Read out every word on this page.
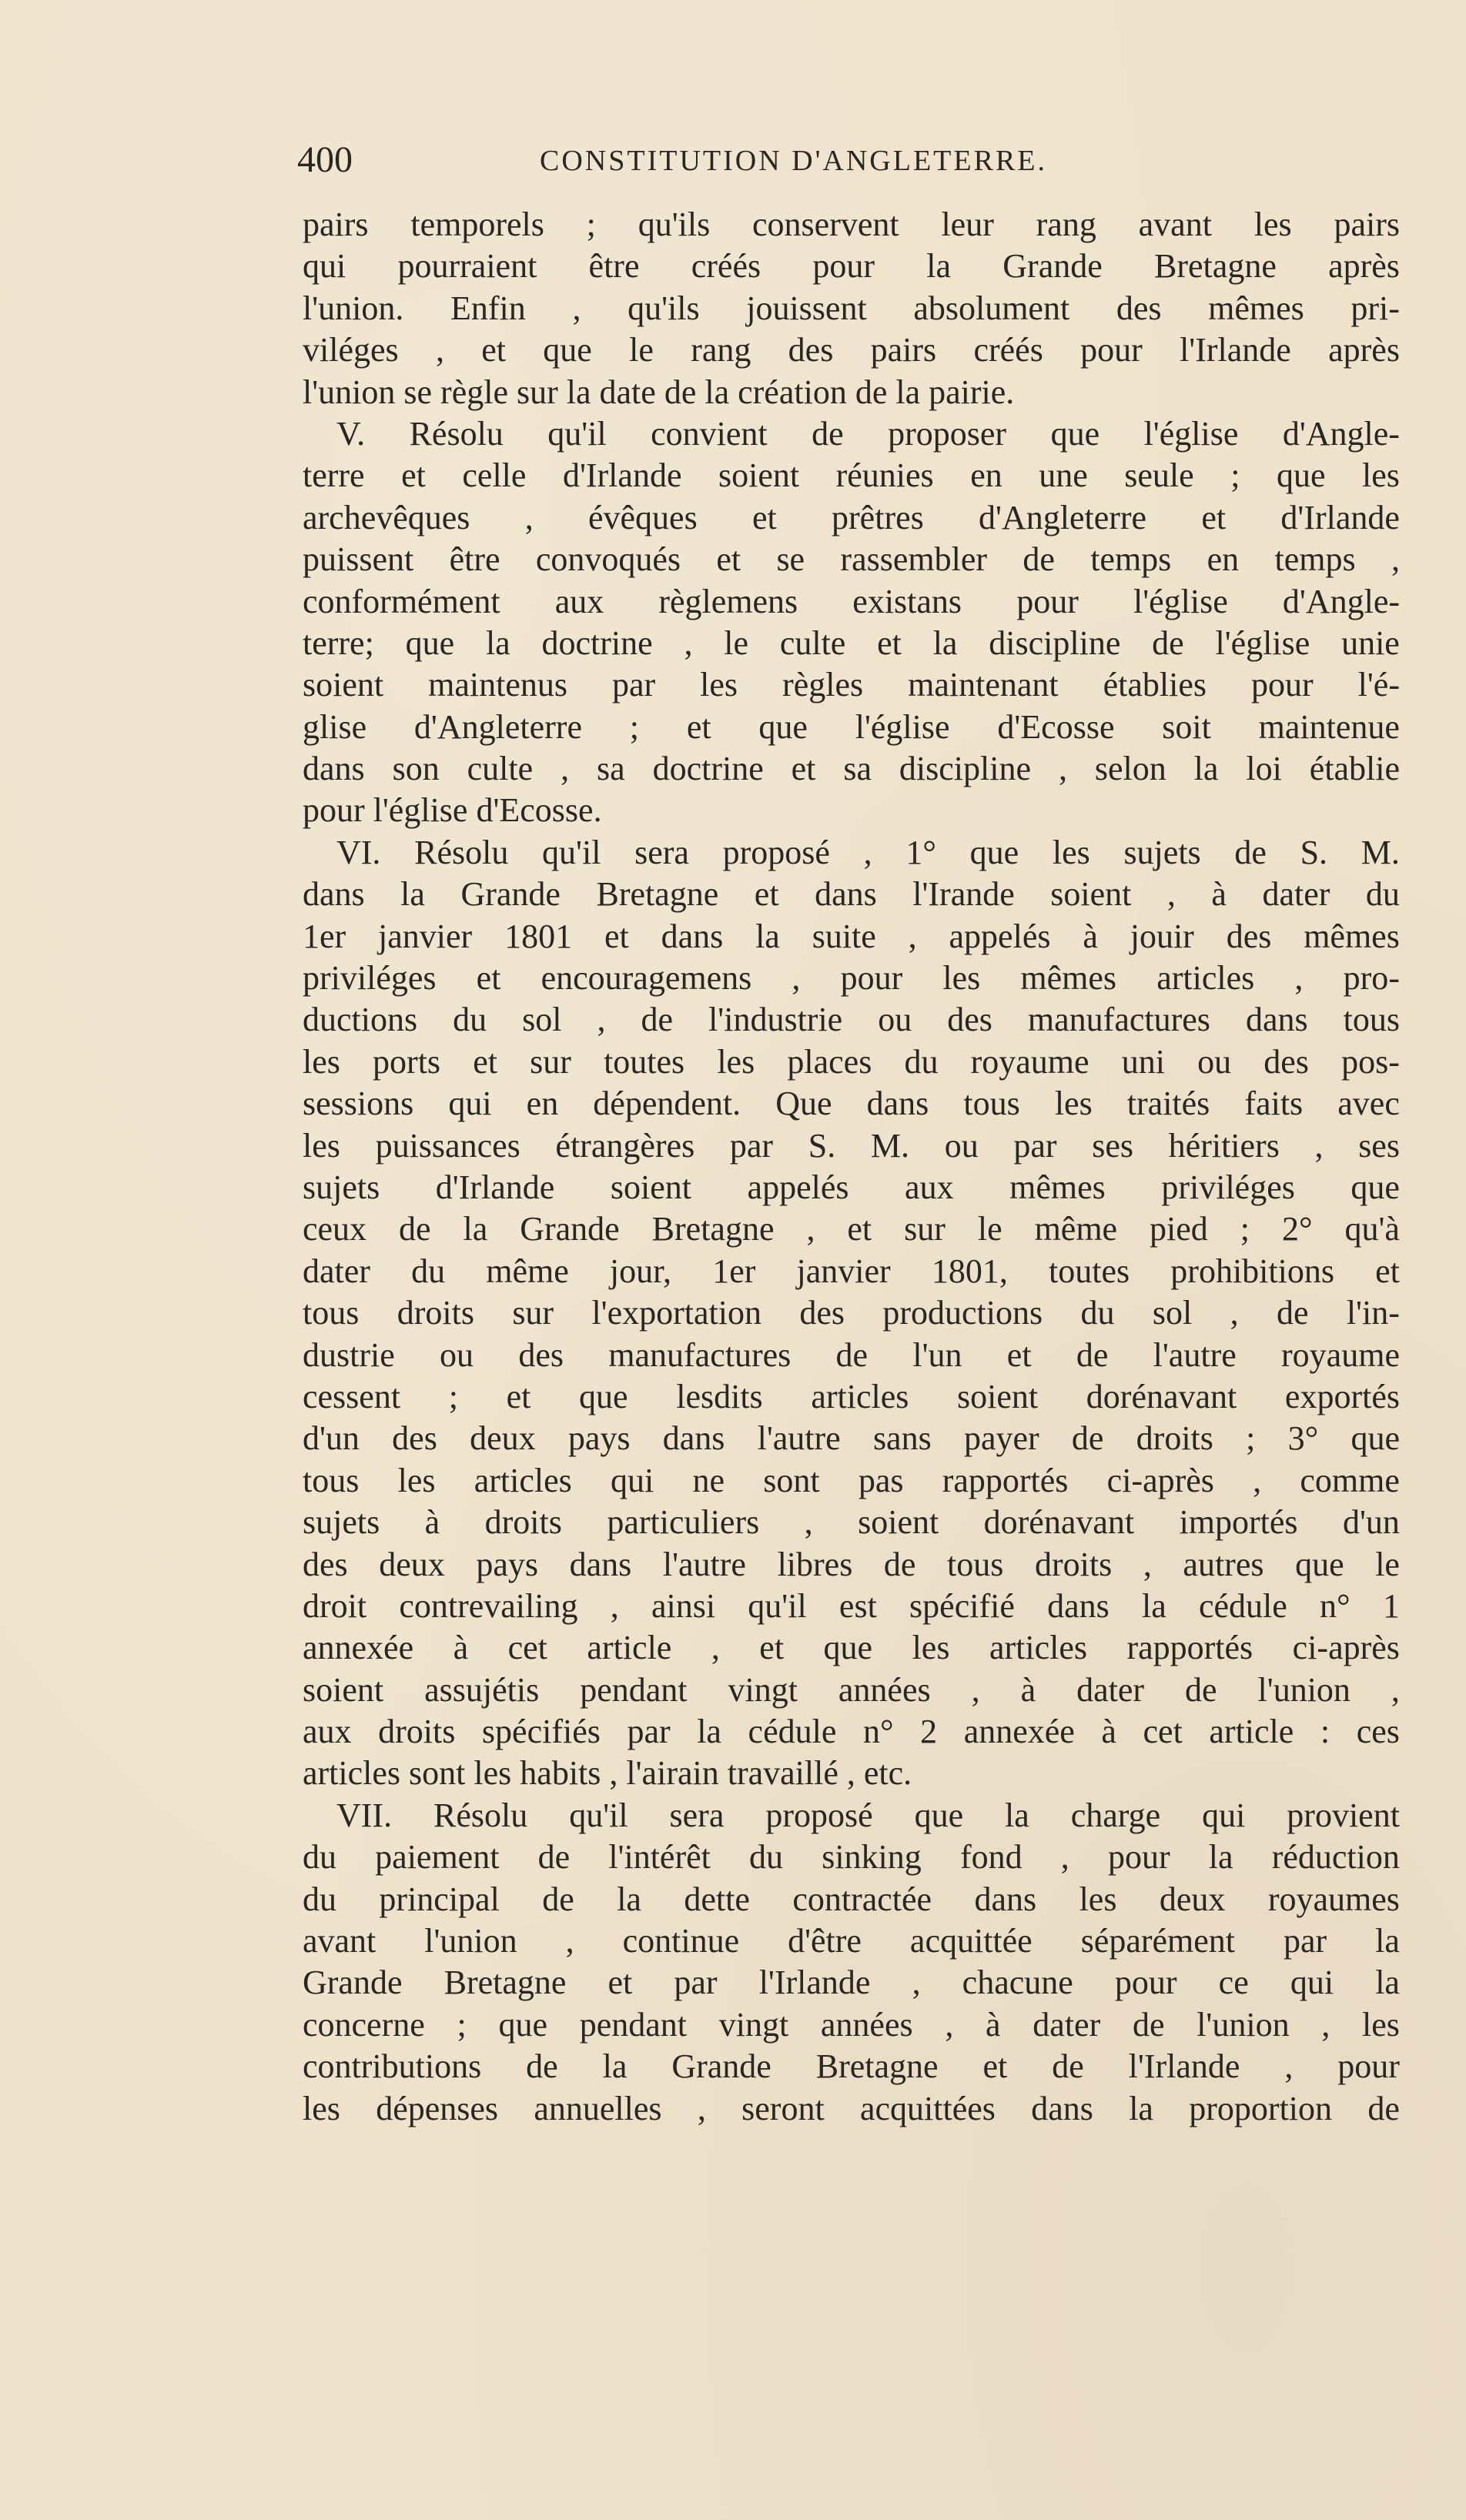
400	CONSTITUTION D'ANGLETERRE.
pairs temporels ; qu'ils conservent leur rang avant les pairs
qui pourraient être créés pour la Grande Bretagne après
l'union. Enfin , qu'ils jouissent absolument des mêmes pri-
viléges , et que le rang des pairs créés pour l'Irlande après
l'union se règle sur la date de la création de la pairie.
V. Résolu qu'il convient de proposer que l'église d'Angle-
terre et celle d'Irlande soient réunies en une seule ; que les
archevêques , évêques et prêtres d'Angleterre et d'Irlande
puissent être convoqués et se rassembler de temps en temps ,
conformément aux règlemens existans pour l'église d'Angle-
terre; que la doctrine , le culte et la discipline de l'église unie
soient maintenus par les règles maintenant établies pour l'é-
glise d'Angleterre ; et que l'église d'Ecosse soit maintenue
dans son culte , sa doctrine et sa discipline , selon la loi établie
pour l'église d'Ecosse.
VI. Résolu qu'il sera proposé , 1° que les sujets de S. M.
dans la Grande Bretagne et dans l'Irande soient , à dater du
1er janvier 1801 et dans la suite , appelés à jouir des mêmes
priviléges et encouragemens , pour les mêmes articles , pro-
ductions du sol , de l'industrie ou des manufactures dans tous
les ports et sur toutes les places du royaume uni ou des pos-
sessions qui en dépendent. Que dans tous les traités faits avec
les puissances étrangères par S. M. ou par ses héritiers , ses
sujets d'Irlande soient appelés aux mêmes priviléges que
ceux de la Grande Bretagne , et sur le même pied ; 2° qu'à
dater du même jour, 1er janvier 1801, toutes prohibitions et
tous droits sur l'exportation des productions du sol , de l'in-
dustrie ou des manufactures de l'un et de l'autre royaume
cessent ; et que lesdits articles soient dorénavant exportés
d'un des deux pays dans l'autre sans payer de droits ; 3° que
tous les articles qui ne sont pas rapportés ci-après , comme
sujets à droits particuliers , soient dorénavant importés d'un
des deux pays dans l'autre libres de tous droits , autres que le
droit contrevailing , ainsi qu'il est spécifié dans la cédule n° 1
annexée à cet article , et que les articles rapportés ci-après
soient assujétis pendant vingt années , à dater de l'union ,
aux droits spécifiés par la cédule n° 2 annexée à cet article : ces
articles sont les habits , l'airain travaillé , etc.
VII. Résolu qu'il sera proposé que la charge qui provient
du paiement de l'intérêt du sinking fond , pour la réduction
du principal de la dette contractée dans les deux royaumes
avant l'union , continue d'être acquittée séparément par la
Grande Bretagne et par l'Irlande , chacune pour ce qui la
concerne ; que pendant vingt années , à dater de l'union , les
contributions de la Grande Bretagne et de l'Irlande , pour
les dépenses annuelles , seront acquittées dans la proportion de
